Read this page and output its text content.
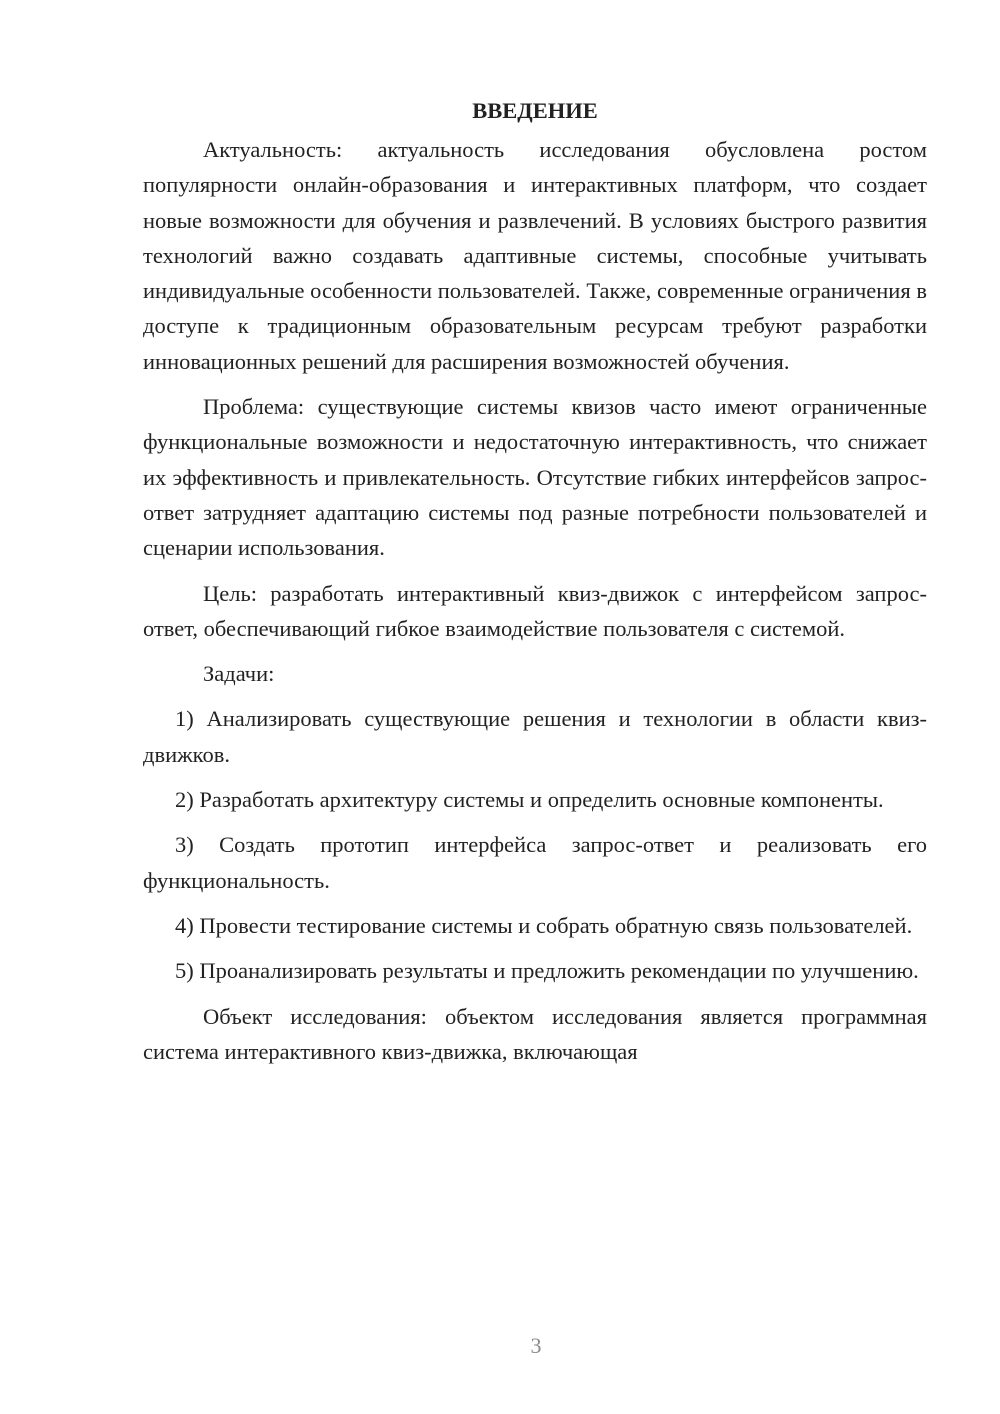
ВВЕДЕНИЕ

Актуальность: актуальность исследования обусловлена ростом популярности онлайн-образования и интерактивных платформ, что создает новые возможности для обучения и развлечений. В условиях быстрого развития технологий важно создавать адаптивные системы, способные учитывать индивидуальные особенности пользователей. Также, современные ограничения в доступе к традиционным образовательным ресурсам требуют разработки инновационных решений для расширения возможностей обучения.

Проблема: существующие системы квизов часто имеют ограниченные функциональные возможности и недостаточную интерактивность, что снижает их эффективность и привлекательность. Отсутствие гибких интерфейсов запрос-ответ затрудняет адаптацию системы под разные потребности пользователей и сценарии использования.

Цель: разработать интерактивный квиз-движок с интерфейсом запрос-ответ, обеспечивающий гибкое взаимодействие пользователя с системой.

Задачи:

1) Анализировать существующие решения и технологии в области квиз-движков.

2) Разработать архитектуру системы и определить основные компоненты.

3) Создать прототип интерфейса запрос-ответ и реализовать его функциональность.

4) Провести тестирование системы и собрать обратную связь пользователей.

5) Проанализировать результаты и предложить рекомендации по улучшению.

Объект исследования: объектом исследования является программная система интерактивного квиз-движка, включающая

3
